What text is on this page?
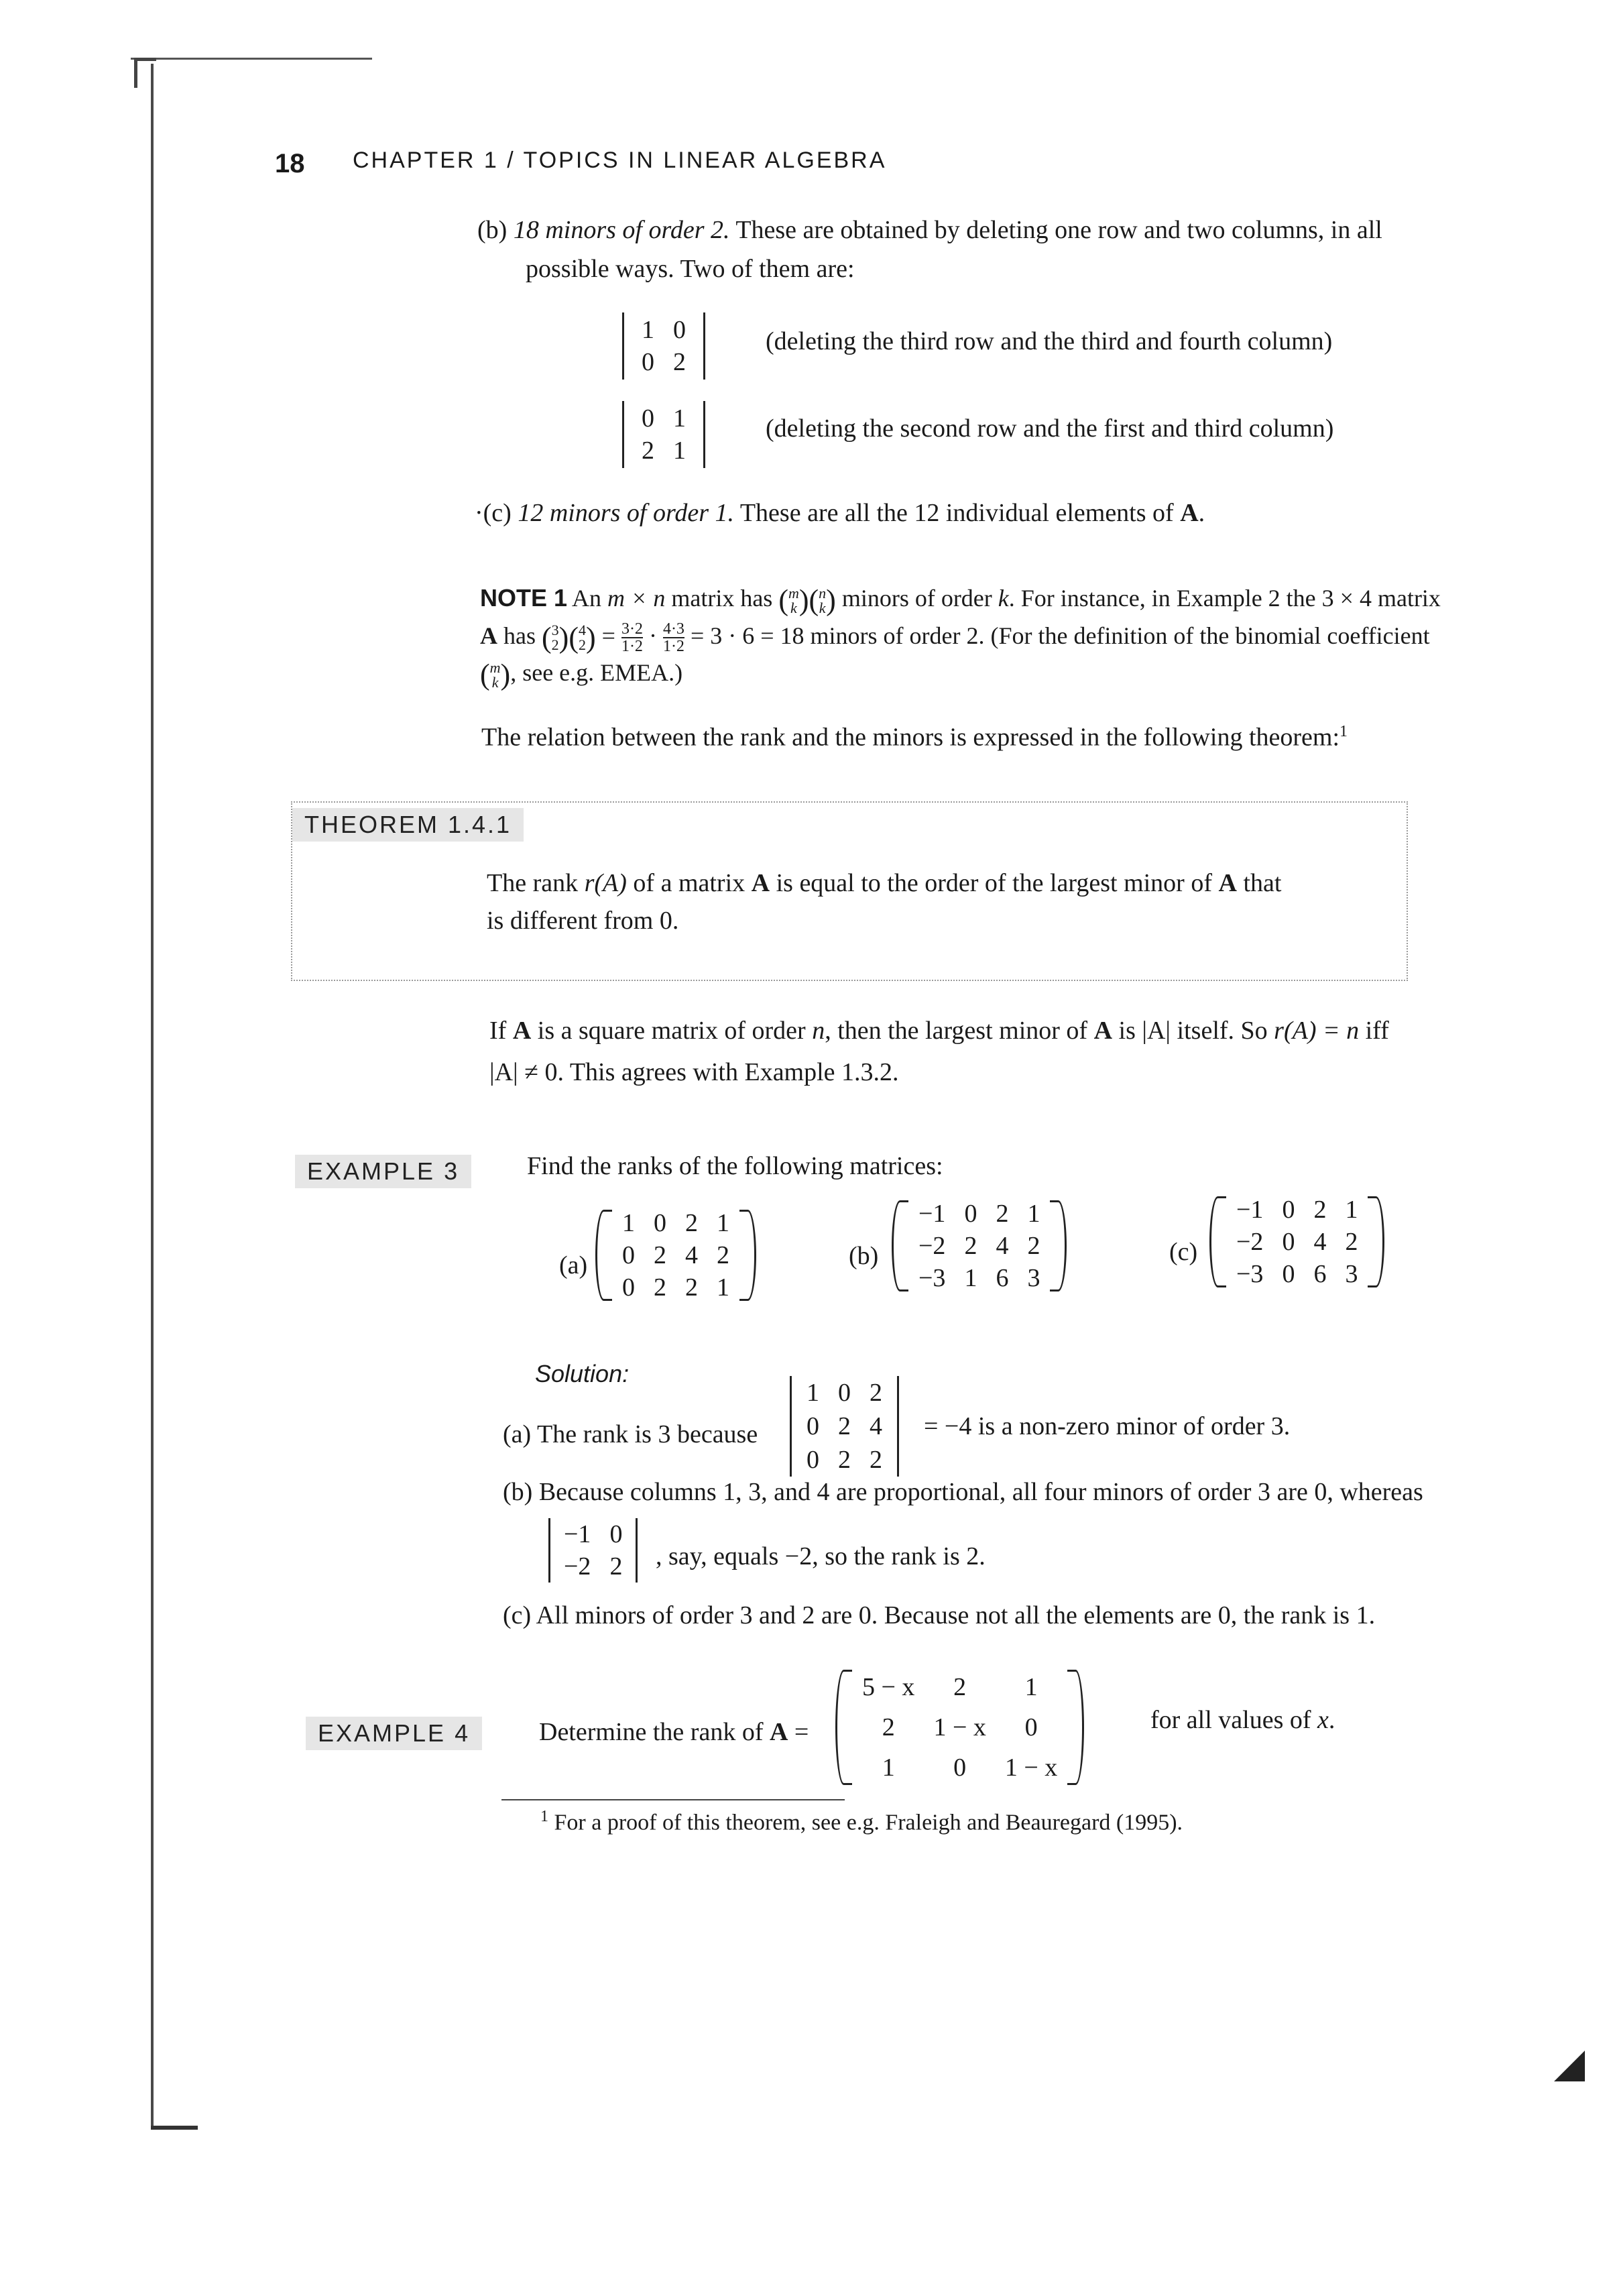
18 CHAPTER 1 / TOPICS IN LINEAR ALGEBRA
(b) 18 minors of order 2. These are obtained by deleting one row and two columns, in all
possible ways. Two of them are:
1 0
0 2
(deleting the third row and the third and fourth column)
0 1
2 1
(deleting the second row and the first and third column)
·(c) 12 minors of order 1. These are all the 12 individual elements of A.
NOTE 1 An m × n matrix has (m
k)(n
k) minors of order k. For instance, in Example 2 the 3 × 4 matrix
A has (3
2)(4
2) = 3·2
1·2 · 4·3
1·2 = 3 · 6 = 18 minors of order 2. (For the definition of the binomial coefficient
(m
k), see e.g. EMEA.)
The relation between the rank and the minors is expressed in the following theorem:$^1$
THEOREM 1.4.1
The rank r(A) of a matrix A is equal to the order of the largest minor of A that
is different from 0.
If A is a square matrix of order n, then the largest minor of A is |A| itself. So r(A) = n iff
|A| ≠ 0. This agrees with Example 1.3.2.
EXAMPLE 3	Find the ranks of the following matrices:
(a)
1 0 2 1
0 2 4 2
0 2 2 1
(b)
−1 0 2 1
−2 2 4 2
−3 1 6 3
(c)
−1 0 2 1
−2 0 4 2
−3 0 6 3
Solution:
(a) The rank is 3 because
1 0 2
0 2 4
0 2 2
= −4 is a non-zero minor of order 3.
(b) Because columns 1, 3, and 4 are proportional, all four minors of order 3 are 0, whereas
−1 0
−2 2	, say, equals −2, so the rank is 2.
(c) All minors of order 3 and 2 are 0. Because not all the elements are 0, the rank is 1.
EXAMPLE 4	Determine the rank of A =
5 − x	2	1
2	1 − x	0
1	0	1 − x
for all values of x.
$^1$ For a proof of this theorem, see e.g. Fraleigh and Beauregard (1995).
